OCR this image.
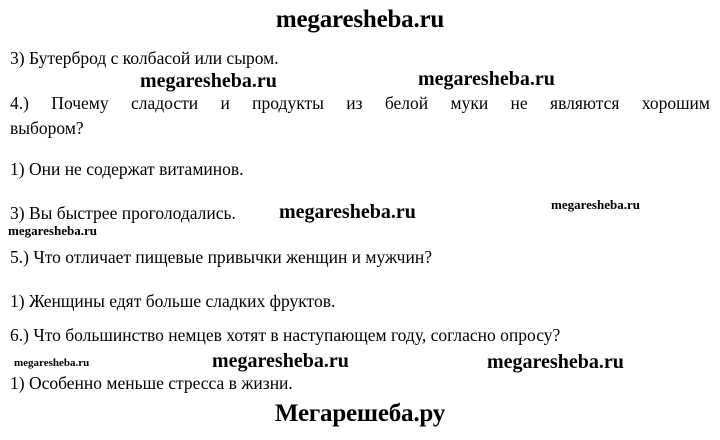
megaresheba.ru
3) Бутерброд с колбасой или сыром.
4.) Почему сладости и продукты из белой муки не являются хорошим
выбором?
1) Они не содержат витаминов.
3) Вы быстрее проголодались.
5.) Что отличает пищевые привычки женщин и мужчин?
1) Женщины едят больше сладких фруктов.
6.) Что большинство немцев хотят в наступающем году, согласно опросу?
1) Особенно меньше стресса в жизни.
megaresheba.ru	megaresheba.ru
megaresheba.ru	megaresheba.ru
megaresheba.ru
megaresheba.ru	megaresheba.ru
megaresheba.ru
Мегарешеба.ру
